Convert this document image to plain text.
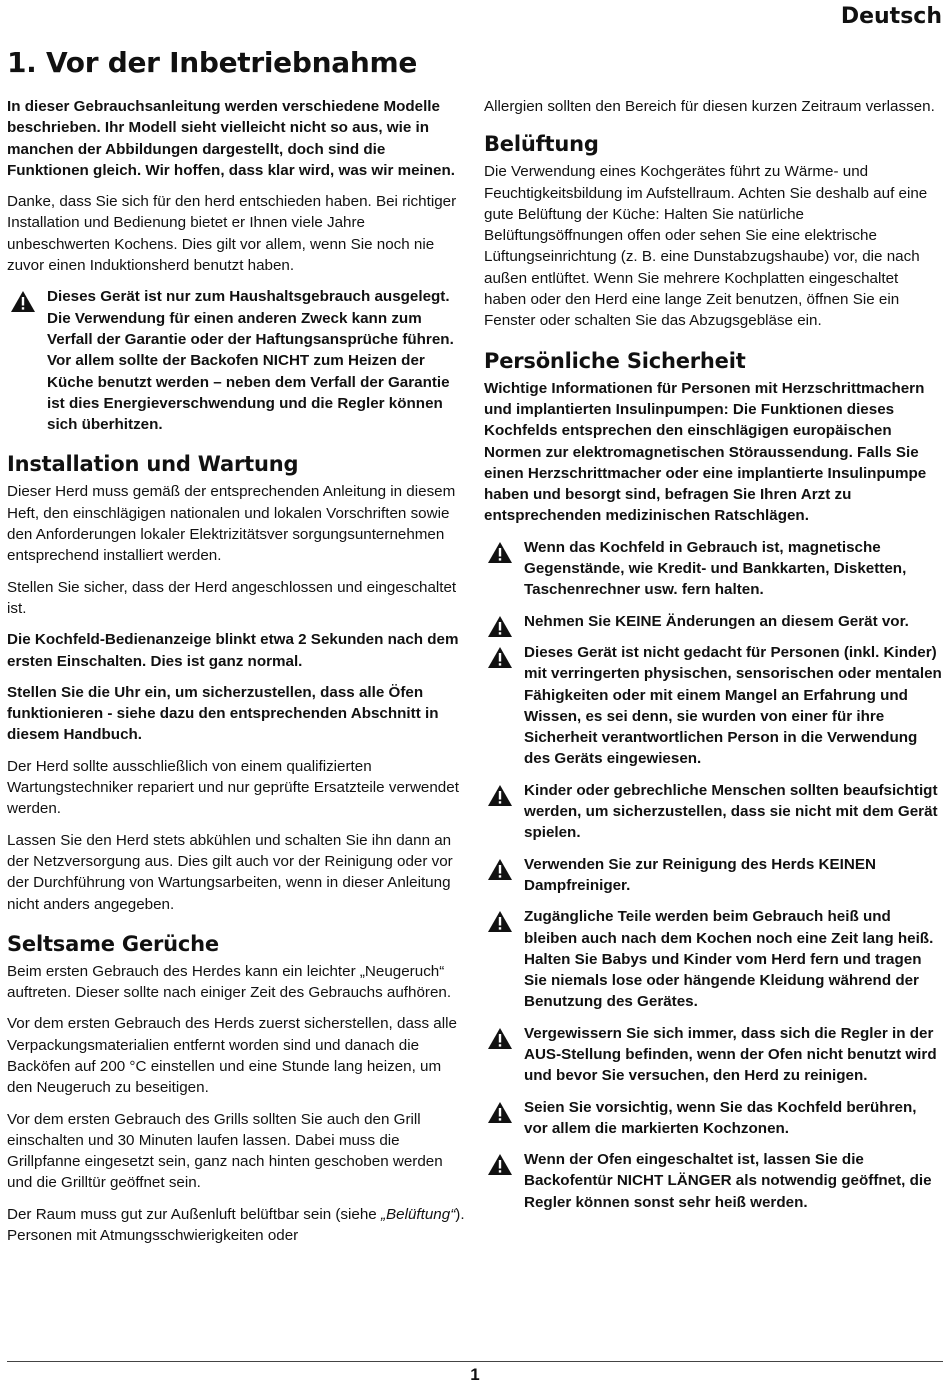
Deutsch
1. Vor der Inbetriebnahme

In dieser Gebrauchsanleitung werden verschiedene Modelle beschrieben. Ihr Modell sieht vielleicht nicht so aus, wie in manchen der Abbildungen dargestellt, doch sind die Funktionen gleich. Wir hoffen, dass klar wird, was wir meinen.

Danke, dass Sie sich für den herd entschieden haben. Bei richtiger Installation und Bedienung bietet er Ihnen viele Jahre unbeschwerten Kochens. Dies gilt vor allem, wenn Sie noch nie zuvor einen Induktionsherd benutzt haben.

Dieses Gerät ist nur zum Haushaltsgebrauch ausgelegt. Die Verwendung für einen anderen Zweck kann zum Verfall der Garantie oder der Haftungsansprüche führen. Vor allem sollte der Backofen NICHT zum Heizen der Küche benutzt werden – neben dem Verfall der Garantie ist dies Energieverschwendung und die Regler können sich überhitzen.
Installation und Wartung

Dieser Herd muss gemäß der entsprechenden Anleitung in diesem Heft, den einschlägigen nationalen und lokalen Vorschriften sowie den Anforderungen lokaler Elektrizitätsver sorgungsunternehmen entsprechend installiert werden.

Stellen Sie sicher, dass der Herd angeschlossen und eingeschaltet ist.

Die Kochfeld-Bedienanzeige blinkt etwa 2 Sekunden nach dem ersten Einschalten. Dies ist ganz normal.

Stellen Sie die Uhr ein, um sicherzustellen, dass alle Öfen funktionieren - siehe dazu den entsprechenden Abschnitt in diesem Handbuch.

Der Herd sollte ausschließlich von einem qualifizierten Wartungstechniker repariert und nur geprüfte Ersatzteile verwendet werden.

Lassen Sie den Herd stets abkühlen und schalten Sie ihn dann an der Netzversorgung aus. Dies gilt auch vor der Reinigung oder vor der Durchführung von Wartungsarbeiten, wenn in dieser Anleitung nicht anders angegeben.

Seltsame Gerüche

Beim ersten Gebrauch des Herdes kann ein leichter „Neugeruch“ auftreten. Dieser sollte nach einiger Zeit des Gebrauchs aufhören.

Vor dem ersten Gebrauch des Herds zuerst sicherstellen, dass alle Verpackungsmaterialien entfernt worden sind und danach die Backöfen auf 200 °C einstellen und eine Stunde lang heizen, um den Neugeruch zu beseitigen.

Vor dem ersten Gebrauch des Grills sollten Sie auch den Grill einschalten und 30 Minuten laufen lassen. Dabei muss die Grillpfanne eingesetzt sein, ganz nach hinten geschoben werden und die Grilltür geöffnet sein.

Der Raum muss gut zur Außenluft belüftbar sein (siehe „Belüftung“). Personen mit Atmungsschwierigkeiten oder

Allergien sollten den Bereich für diesen kurzen Zeitraum verlassen.

Belüftung

Die Verwendung eines Kochgerätes führt zu Wärme- und Feuchtigkeitsbildung im Aufstellraum. Achten Sie deshalb auf eine gute Belüftung der Küche: Halten Sie natürliche Belüftungsöffnungen offen oder sehen Sie eine elektrische Lüftungseinrichtung (z. B. eine Dunstabzugshaube) vor, die nach außen entlüftet. Wenn Sie mehrere Kochplatten eingeschaltet haben oder den Herd eine lange Zeit benutzen, öffnen Sie ein Fenster oder schalten Sie das Abzugsgebläse ein.

Persönliche Sicherheit

Wichtige Informationen für Personen mit Herzschrittmachern und implantierten Insulinpumpen: Die Funktionen dieses Kochfelds entsprechen den einschlägigen europäischen Normen zur elektromagnetischen Störaussendung. Falls Sie einen Herzschrittmacher oder eine implantierte Insulinpumpe haben und besorgt sind, befragen Sie Ihren Arzt zu entsprechenden medizinischen Ratschlägen.

Wenn das Kochfeld in Gebrauch ist, magnetische Gegenstände, wie Kredit- und Bankkarten, Disketten, Taschenrechner usw. fern halten.
Nehmen Sie KEINE Änderungen an diesem Gerät vor.
Dieses Gerät ist nicht gedacht für Personen (inkl. Kinder) mit verringerten physischen, sensorischen oder mentalen Fähigkeiten oder mit einem Mangel an Erfahrung und Wissen, es sei denn, sie wurden von einer für ihre Sicherheit verantwortlichen Person in die Verwendung des Geräts eingewiesen.
Kinder oder gebrechliche Menschen sollten beaufsichtigt werden, um sicherzustellen, dass sie nicht mit dem Gerät spielen.
Verwenden Sie zur Reinigung des Herds KEINEN Dampfreiniger.
Zugängliche Teile werden beim Gebrauch heiß und bleiben auch nach dem Kochen noch eine Zeit lang heiß. Halten Sie Babys und Kinder vom Herd fern und tragen Sie niemals lose oder hängende Kleidung während der Benutzung des Gerätes.
Vergewissern Sie sich immer, dass sich die Regler in der AUS-Stellung befinden, wenn der Ofen nicht benutzt wird und bevor Sie versuchen, den Herd zu reinigen.
Seien Sie vorsichtig, wenn Sie das Kochfeld berühren, vor allem die markierten Kochzonen.
Wenn der Ofen eingeschaltet ist, lassen Sie die Backofentür NICHT LÄNGER als notwendig geöffnet, die Regler können sonst sehr heiß werden.
1
